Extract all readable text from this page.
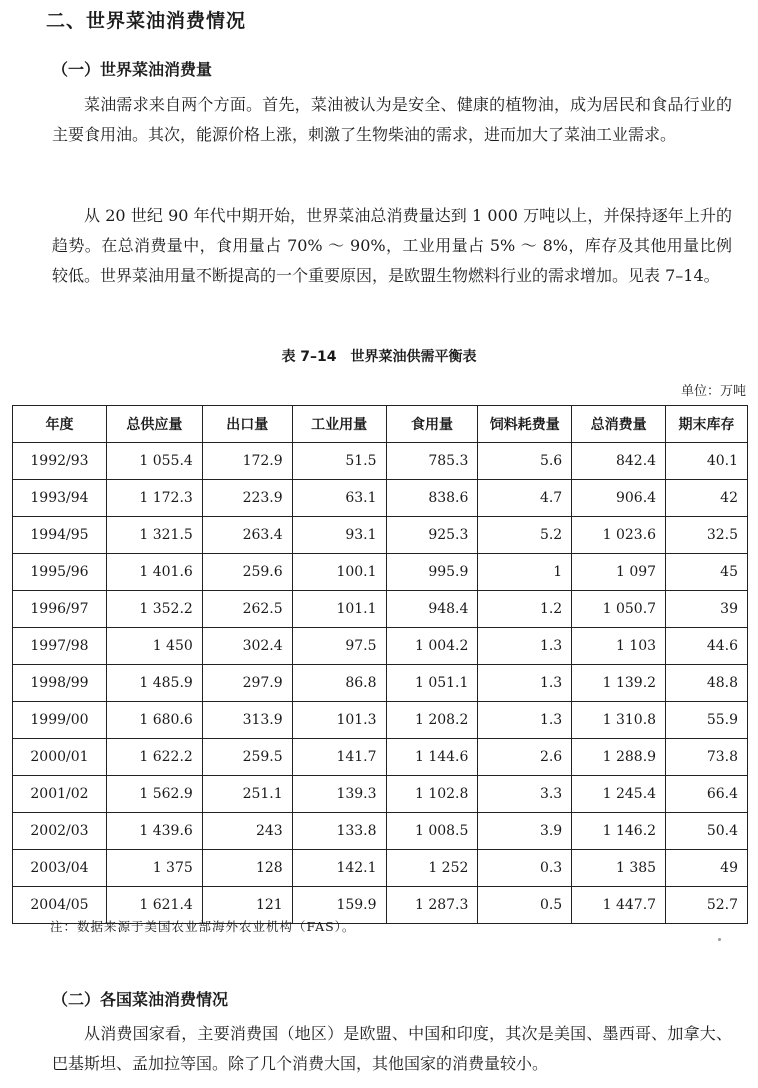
二、世界菜油消费情况
（一）世界菜油消费量
菜油需求来自两个方面。首先，菜油被认为是安全、健康的植物油，成为居民和食品行业的主要食用油。其次，能源价格上涨，刺激了生物柴油的需求，进而加大了菜油工业需求。
从 20 世纪 90 年代中期开始，世界菜油总消费量达到 1 000 万吨以上，并保持逐年上升的趋势。在总消费量中，食用量占 70% ～ 90%，工业用量占 5% ～ 8%，库存及其他用量比例较低。世界菜油用量不断提高的一个重要原因，是欧盟生物燃料行业的需求增加。见表 7–14。
表 7–14　世界菜油供需平衡表
单位：万吨
年度	总供应量	出口量	工业用量	食用量	饲料耗费量	总消费量	期末库存
1992/93	1 055.4	172.9	51.5	785.3	5.6	842.4	40.1
1993/94	1 172.3	223.9	63.1	838.6	4.7	906.4	42
1994/95	1 321.5	263.4	93.1	925.3	5.2	1 023.6	32.5
1995/96	1 401.6	259.6	100.1	995.9	1	1 097	45
1996/97	1 352.2	262.5	101.1	948.4	1.2	1 050.7	39
1997/98	1 450	302.4	97.5	1 004.2	1.3	1 103	44.6
1998/99	1 485.9	297.9	86.8	1 051.1	1.3	1 139.2	48.8
1999/00	1 680.6	313.9	101.3	1 208.2	1.3	1 310.8	55.9
2000/01	1 622.2	259.5	141.7	1 144.6	2.6	1 288.9	73.8
2001/02	1 562.9	251.1	139.3	1 102.8	3.3	1 245.4	66.4
2002/03	1 439.6	243	133.8	1 008.5	3.9	1 146.2	50.4
2003/04	1 375	128	142.1	1 252	0.3	1 385	49
2004/05	1 621.4	121	159.9	1 287.3	0.5	1 447.7	52.7
注：数据来源于美国农业部海外农业机构（FAS）。
（二）各国菜油消费情况
从消费国家看，主要消费国（地区）是欧盟、中国和印度，其次是美国、墨西哥、加拿大、巴基斯坦、孟加拉等国。除了几个消费大国，其他国家的消费量较小。
